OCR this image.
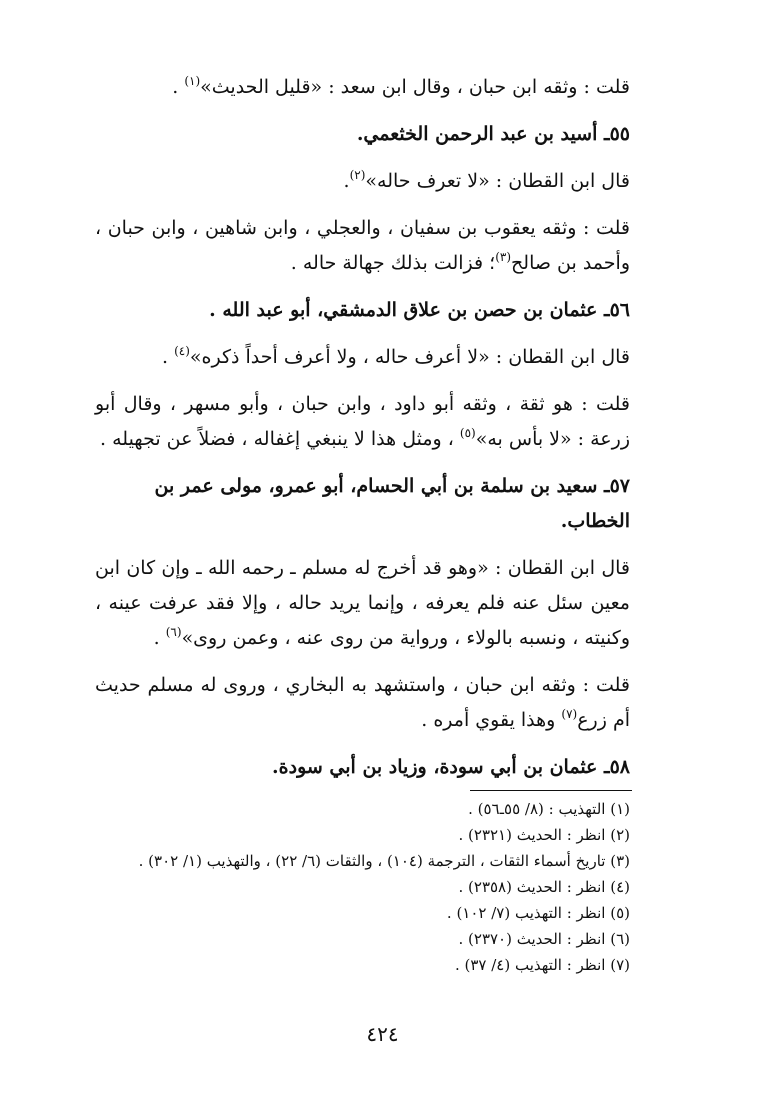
قلت : وثقه ابن حبان ، وقال ابن سعد : «قليل الحديث»$^{(١)}$ .
٥٥ـ أسيد بن عبد الرحمن الخثعمي.
قال ابن القطان : «لا تعرف حاله»$^{(٢)}$.
قلت : وثقه يعقوب بن سفيان ، والعجلي ، وابن شاهين ، وابن حبان ، وأحمد بن صالح$^{(٣)}$؛ فزالت بذلك جهالة حاله .
٥٦ـ عثمان بن حصن بن علاق الدمشقي، أبو عبد الله .
قال ابن القطان : «لا أعرف حاله ، ولا أعرف أحداً ذكره»$^{(٤)}$ .
قلت : هو ثقة ، وثقه أبو داود ، وابن حبان ، وأبو مسهر ، وقال أبو زرعة : «لا بأس به»$^{(٥)}$ ، ومثل هذا لا ينبغي إغفاله ، فضلاً عن تجهيله .
٥٧ـ سعيد بن سلمة بن أبي الحسام، أبو عمرو، مولى عمر بن الخطاب.
قال ابن القطان : «وهو قد أخرج له مسلم ـ رحمه الله ـ وإن كان ابن معين سئل عنه فلم يعرفه ، وإنما يريد حاله ، وإلا فقد عرفت عينه ، وكنيته ، ونسبه بالولاء ، ورواية من روى عنه ، وعمن روى»$^{(٦)}$ .
قلت : وثقه ابن حبان ، واستشهد به البخاري ، وروى له مسلم حديث أم زرع$^{(٧)}$ وهذا يقوي أمره .
٥٨ـ عثمان بن أبي سودة، وزياد بن أبي سودة.
(١) التهذيب : (٨/ ٥٥ـ٥٦) .
(٢) انظر : الحديث (٢٣٢١) .
(٣) تاريخ أسماء الثقات ، الترجمة (١٠٤) ، والثقات (٦/ ٢٢) ، والتهذيب (١/ ٣٠٢) .
(٤) انظر : الحديث (٢٣٥٨) .
(٥) انظر : التهذيب (٧/ ١٠٢) .
(٦) انظر : الحديث (٢٣٧٠) .
(٧) انظر : التهذيب (٤/ ٣٧) .
٤٢٤
